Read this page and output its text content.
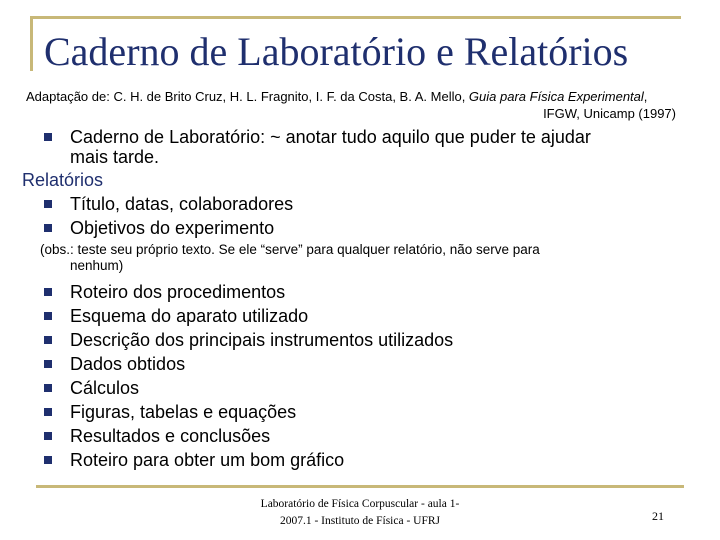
Caderno de Laboratório e Relatórios
Adaptação de: C. H. de Brito Cruz, H. L. Fragnito, I. F. da Costa, B. A. Mello, Guia para Física Experimental,
IFGW, Unicamp (1997)
Caderno de Laboratório: ~ anotar tudo aquilo que puder te ajudar
mais tarde.
Relatórios
Título, datas, colaboradores
Objetivos do experimento
(obs.: teste seu próprio texto. Se ele “serve” para qualquer relatório, não serve para
nenhum)
Roteiro dos procedimentos
Esquema do aparato utilizado
Descrição dos principais instrumentos utilizados
Dados obtidos
Cálculos
Figuras, tabelas e equações
Resultados e conclusões
Roteiro para obter um bom gráfico
Laboratório de Física Corpuscular - aula 1-
2007.1 - Instituto de Física - UFRJ	21
